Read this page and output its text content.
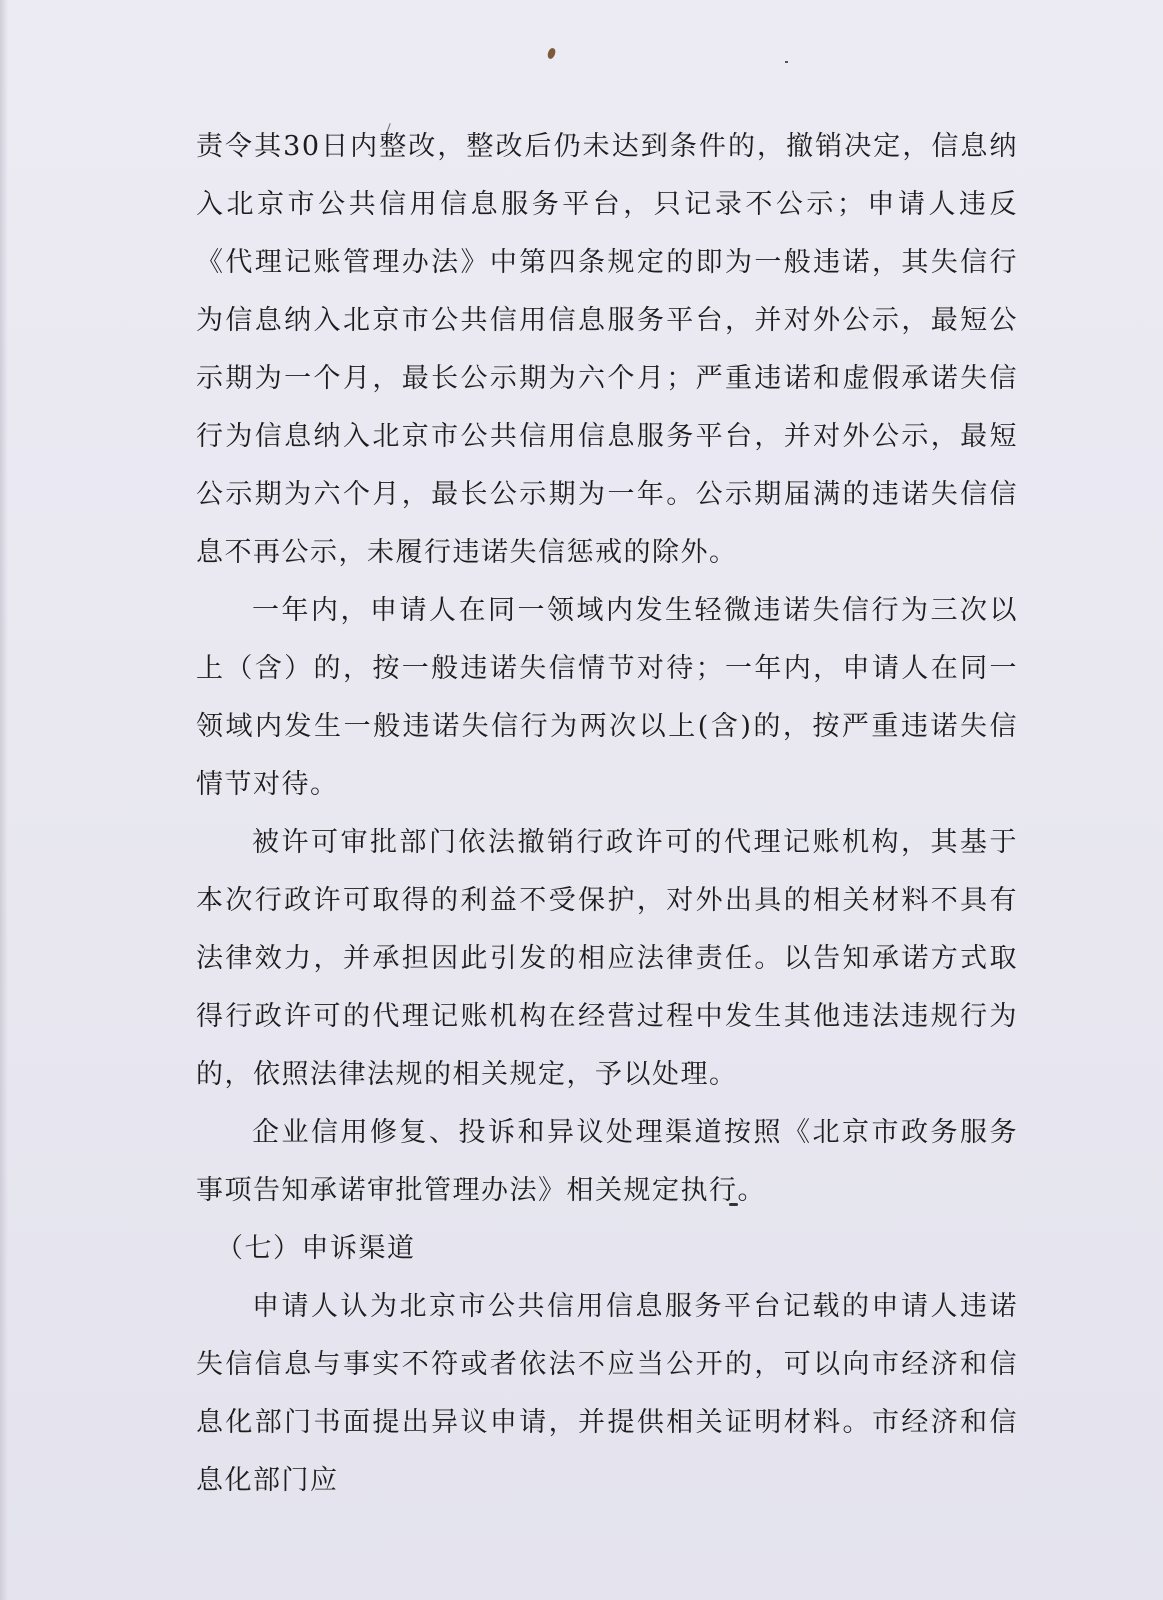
责令其30日内整改，整改后仍未达到条件的，撤销决定，信息纳入北京市公共信用信息服务平台，只记录不公示；申请人违反《代理记账管理办法》中第四条规定的即为一般违诺，其失信行为信息纳入北京市公共信用信息服务平台，并对外公示，最短公示期为一个月，最长公示期为六个月；严重违诺和虚假承诺失信行为信息纳入北京市公共信用信息服务平台，并对外公示，最短公示期为六个月，最长公示期为一年。公示期届满的违诺失信信息不再公示，未履行违诺失信惩戒的除外。

一年内，申请人在同一领域内发生轻微违诺失信行为三次以上（含）的，按一般违诺失信情节对待；一年内，申请人在同一领域内发生一般违诺失信行为两次以上(含)的，按严重违诺失信情节对待。

被许可审批部门依法撤销行政许可的代理记账机构，其基于本次行政许可取得的利益不受保护，对外出具的相关材料不具有法律效力，并承担因此引发的相应法律责任。以告知承诺方式取得行政许可的代理记账机构在经营过程中发生其他违法违规行为的，依照法律法规的相关规定，予以处理。

企业信用修复、投诉和异议处理渠道按照《北京市政务服务事项告知承诺审批管理办法》相关规定执行。

（七）申诉渠道

申请人认为北京市公共信用信息服务平台记载的申请人违诺失信信息与事实不符或者依法不应当公开的，可以向市经济和信息化部门书面提出异议申请，并提供相关证明材料。市经济和信息化部门应
